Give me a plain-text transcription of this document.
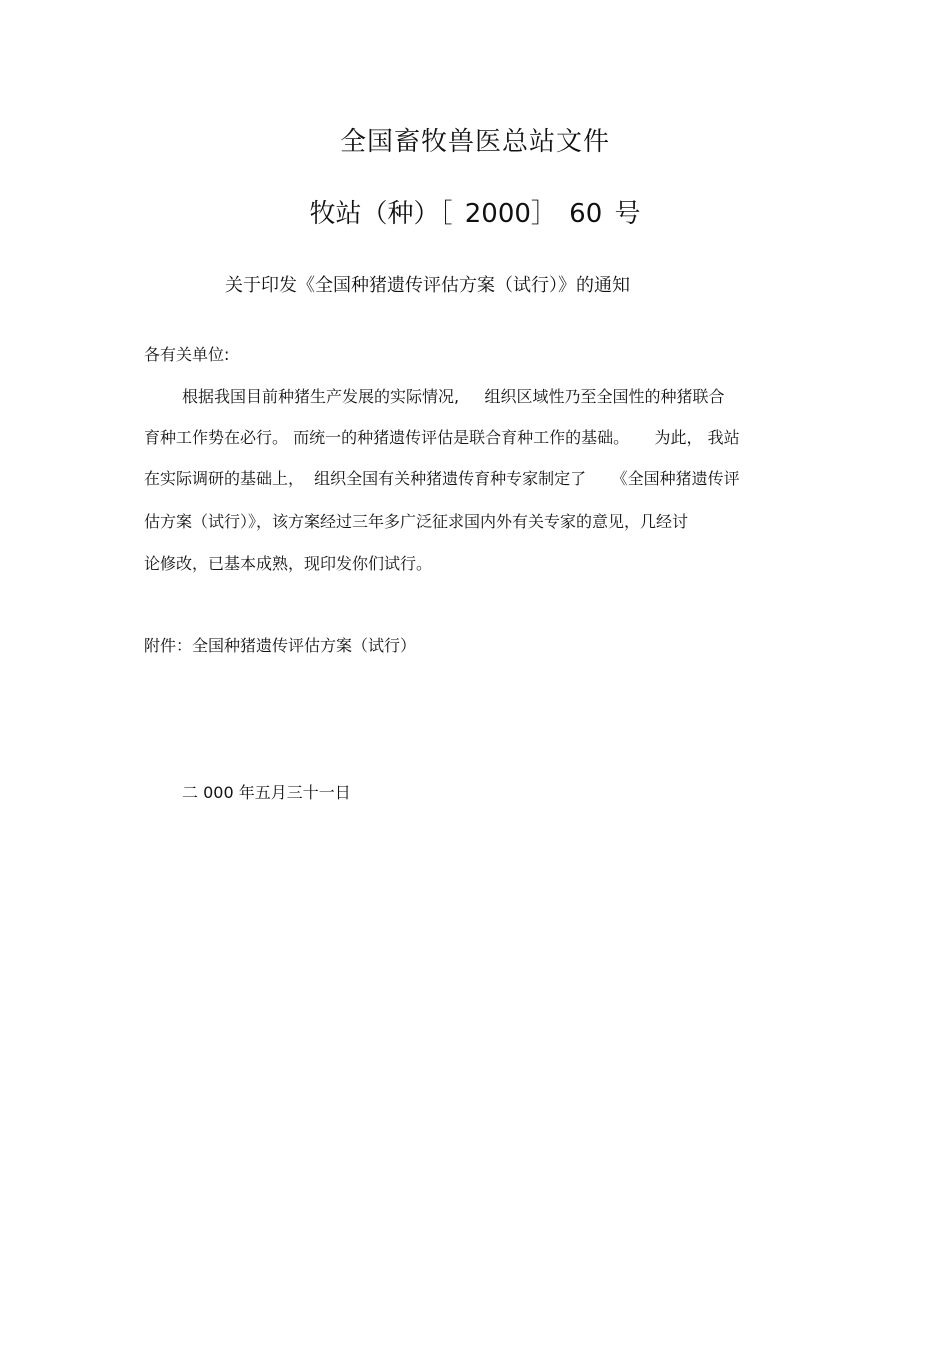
全国畜牧兽医总站文件
牧站（种）［ 2000］ 60 号
关于印发《全国种猪遗传评估方案（试行）》的通知
各有关单位:
根据我国目前种猪生产发展的实际情况,     组织区域性乃至全国性的种猪联合
育种工作势在必行。 而统一的种猪遗传评估是联合育种工作的基础。     为此， 我站
在实际调研的基础上，  组织全国有关种猪遗传育种专家制定了     《全国种猪遗传评
估方案（试行）》，该方案经过三年多广泛征求国内外有关专家的意见，几经讨
论修改，已基本成熟，现印发你们试行。
附件：全国种猪遗传评估方案（试行）
二 000 年五月三十一日
